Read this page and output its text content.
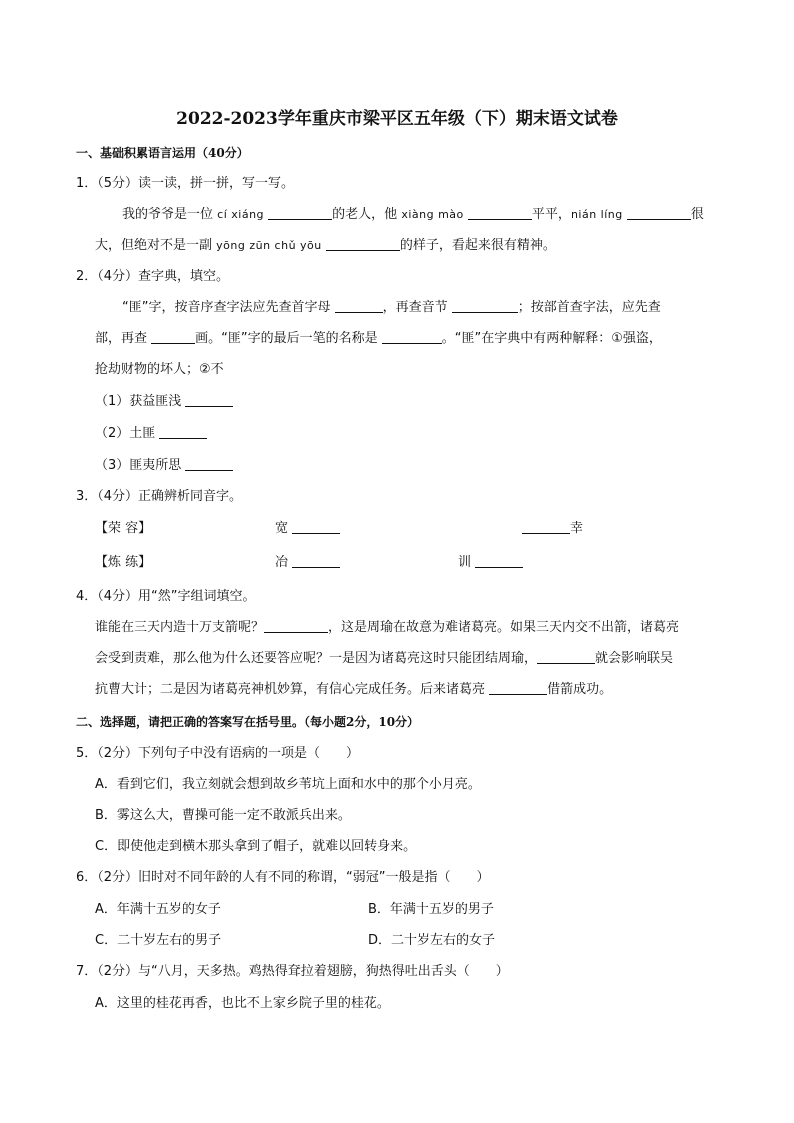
2022-2023学年重庆市梁平区五年级（下）期末语文试卷
一、基础积累语言运用（40分）
1．（5分）读一读，拼一拼，写一写。
我的爷爷是一位 cí xiáng	的老人，他 xiàng mào	平平，nián líng	很
大，但绝对不是一副 yōng zūn chǔ yōu	的样子，看起来很有精神。
2．（4分）查字典，填空。
“匪”字，按音序查字法应先查首字母	，再查音节	；按部首查字法，应先查
部，再查	画。“匪”字的最后一笔的名称是	。“匪”在字典中有两种解释：①强盗，
抢劫财物的坏人；②不
（1）获益匪浅
（2）土匪
（3）匪夷所思
3．（4分）正确辨析同音字。
【荣 容】	宽	幸
【炼 练】	冶	训
4．（4分）用“然”字组词填空。
谁能在三天内造十万支箭呢？	，这是周瑜在故意为难诸葛亮。如果三天内交不出箭，诸葛亮
会受到责难，那么他为什么还要答应呢？一是因为诸葛亮这时只能团结周瑜，	就会影响联吴
抗曹大计；二是因为诸葛亮神机妙算，有信心完成任务。后来诸葛亮	借箭成功。
二、选择题，请把正确的答案写在括号里。（每小题2分，10分）
5．（2分）下列句子中没有语病的一项是（　　）
A．看到它们，我立刻就会想到故乡苇坑上面和水中的那个小月亮。
B．雾这么大，曹操可能一定不敢派兵出来。
C．即使他走到横木那头拿到了帽子，就难以回转身来。
6．（2分）旧时对不同年龄的人有不同的称谓，“弱冠”一般是指（　　）
A．年满十五岁的女子	B．年满十五岁的男子
C．二十岁左右的男子	D．二十岁左右的女子
7．（2分）与“八月，天多热。鸡热得耷拉着翅膀，狗热得吐出舌头（　　）
A．这里的桂花再香，也比不上家乡院子里的桂花。
